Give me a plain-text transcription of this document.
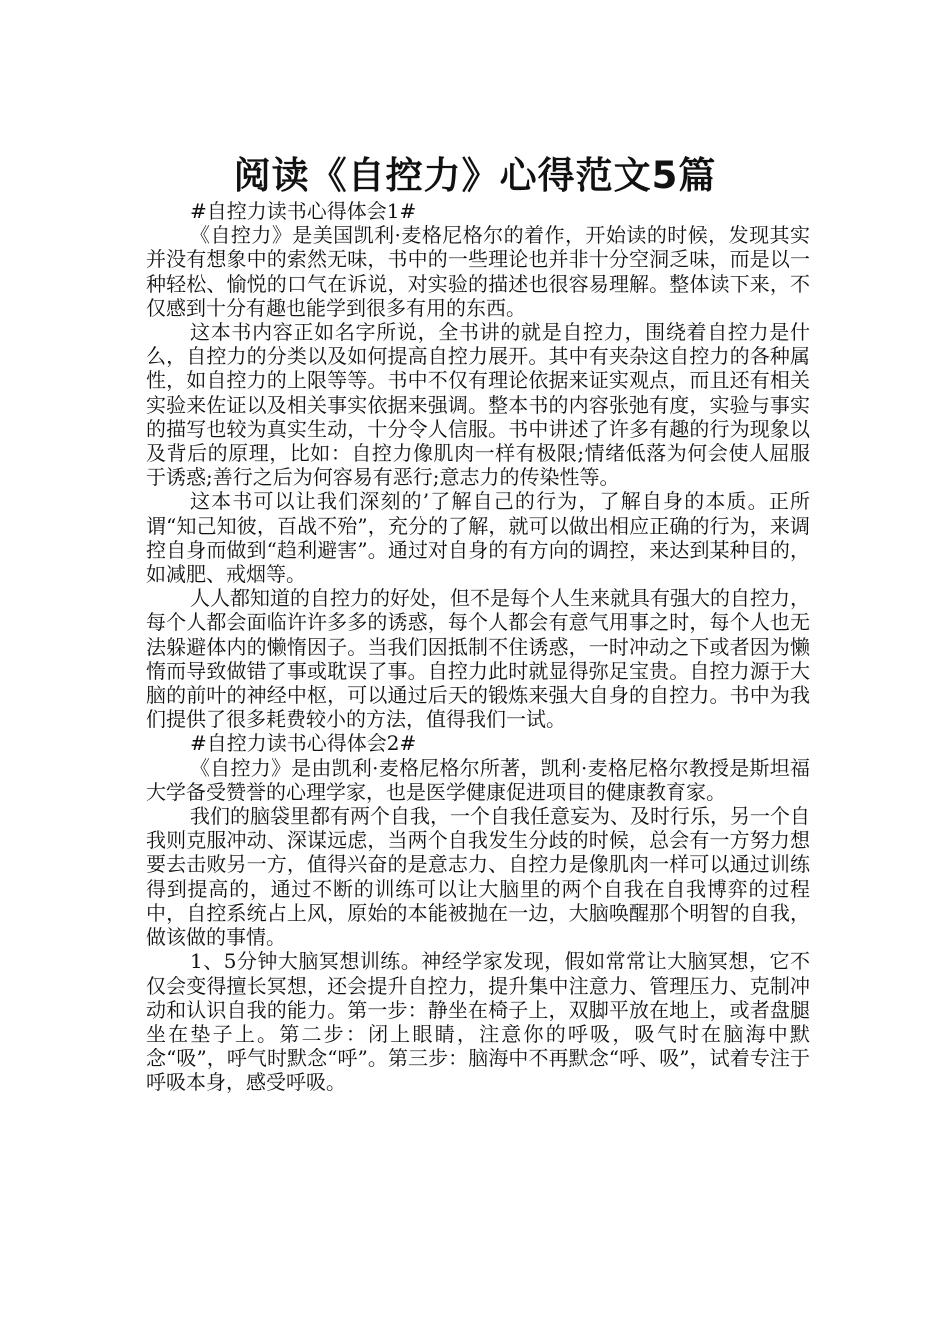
阅读《自控力》心得范文5篇

#自控力读书心得体会1#

《自控力》是美国凯利·麦格尼格尔的着作，开始读的时候，发现其实并没有想象中的索然无味，书中的一些理论也并非十分空洞乏味，而是以一种轻松、愉悦的口气在诉说，对实验的描述也很容易理解。整体读下来，不仅感到十分有趣也能学到很多有用的东西。

这本书内容正如名字所说，全书讲的就是自控力，围绕着自控力是什么，自控力的分类以及如何提高自控力展开。其中有夹杂这自控力的各种属性，如自控力的上限等等。书中不仅有理论依据来证实观点，而且还有相关实验来佐证以及相关事实依据来强调。整本书的内容张弛有度，实验与事实的描写也较为真实生动，十分令人信服。书中讲述了许多有趣的行为现象以及背后的原理，比如：自控力像肌肉一样有极限;情绪低落为何会使人屈服于诱惑;善行之后为何容易有恶行;意志力的传染性等。

这本书可以让我们深刻的’了解自己的行为，了解自身的本质。正所谓“知己知彼，百战不殆”，充分的了解，就可以做出相应正确的行为，来调控自身而做到“趋利避害”。通过对自身的有方向的调控，来达到某种目的，如减肥、戒烟等。

人人都知道的自控力的好处，但不是每个人生来就具有强大的自控力，每个人都会面临许许多多的诱惑，每个人都会有意气用事之时，每个人也无法躲避体内的懒惰因子。当我们因抵制不住诱惑，一时冲动之下或者因为懒惰而导致做错了事或耽误了事。自控力此时就显得弥足宝贵。自控力源于大脑的前叶的神经中枢，可以通过后天的锻炼来强大自身的自控力。书中为我们提供了很多耗费较小的方法，值得我们一试。

#自控力读书心得体会2#

《自控力》是由凯利·麦格尼格尔所著，凯利·麦格尼格尔教授是斯坦福大学备受赞誉的心理学家，也是医学健康促进项目的健康教育家。

我们的脑袋里都有两个自我，一个自我任意妄为、及时行乐，另一个自我则克服冲动、深谋远虑，当两个自我发生分歧的时候，总会有一方努力想要去击败另一方，值得兴奋的是意志力、自控力是像肌肉一样可以通过训练得到提高的，通过不断的训练可以让大脑里的两个自我在自我博弈的过程中，自控系统占上风，原始的本能被抛在一边，大脑唤醒那个明智的自我，做该做的事情。

1、5分钟大脑冥想训练。神经学家发现，假如常常让大脑冥想，它不仅会变得擅长冥想，还会提升自控力，提升集中注意力、管理压力、克制冲动和认识自我的能力。第一步：静坐在椅子上，双脚平放在地上，或者盘腿坐在垫子上。第二步：闭上眼睛，注意你的呼吸，吸气时在脑海中默念“吸”，呼气时默念“呼”。第三步：脑海中不再默念“呼、吸”，试着专注于呼吸本身，感受呼吸。
